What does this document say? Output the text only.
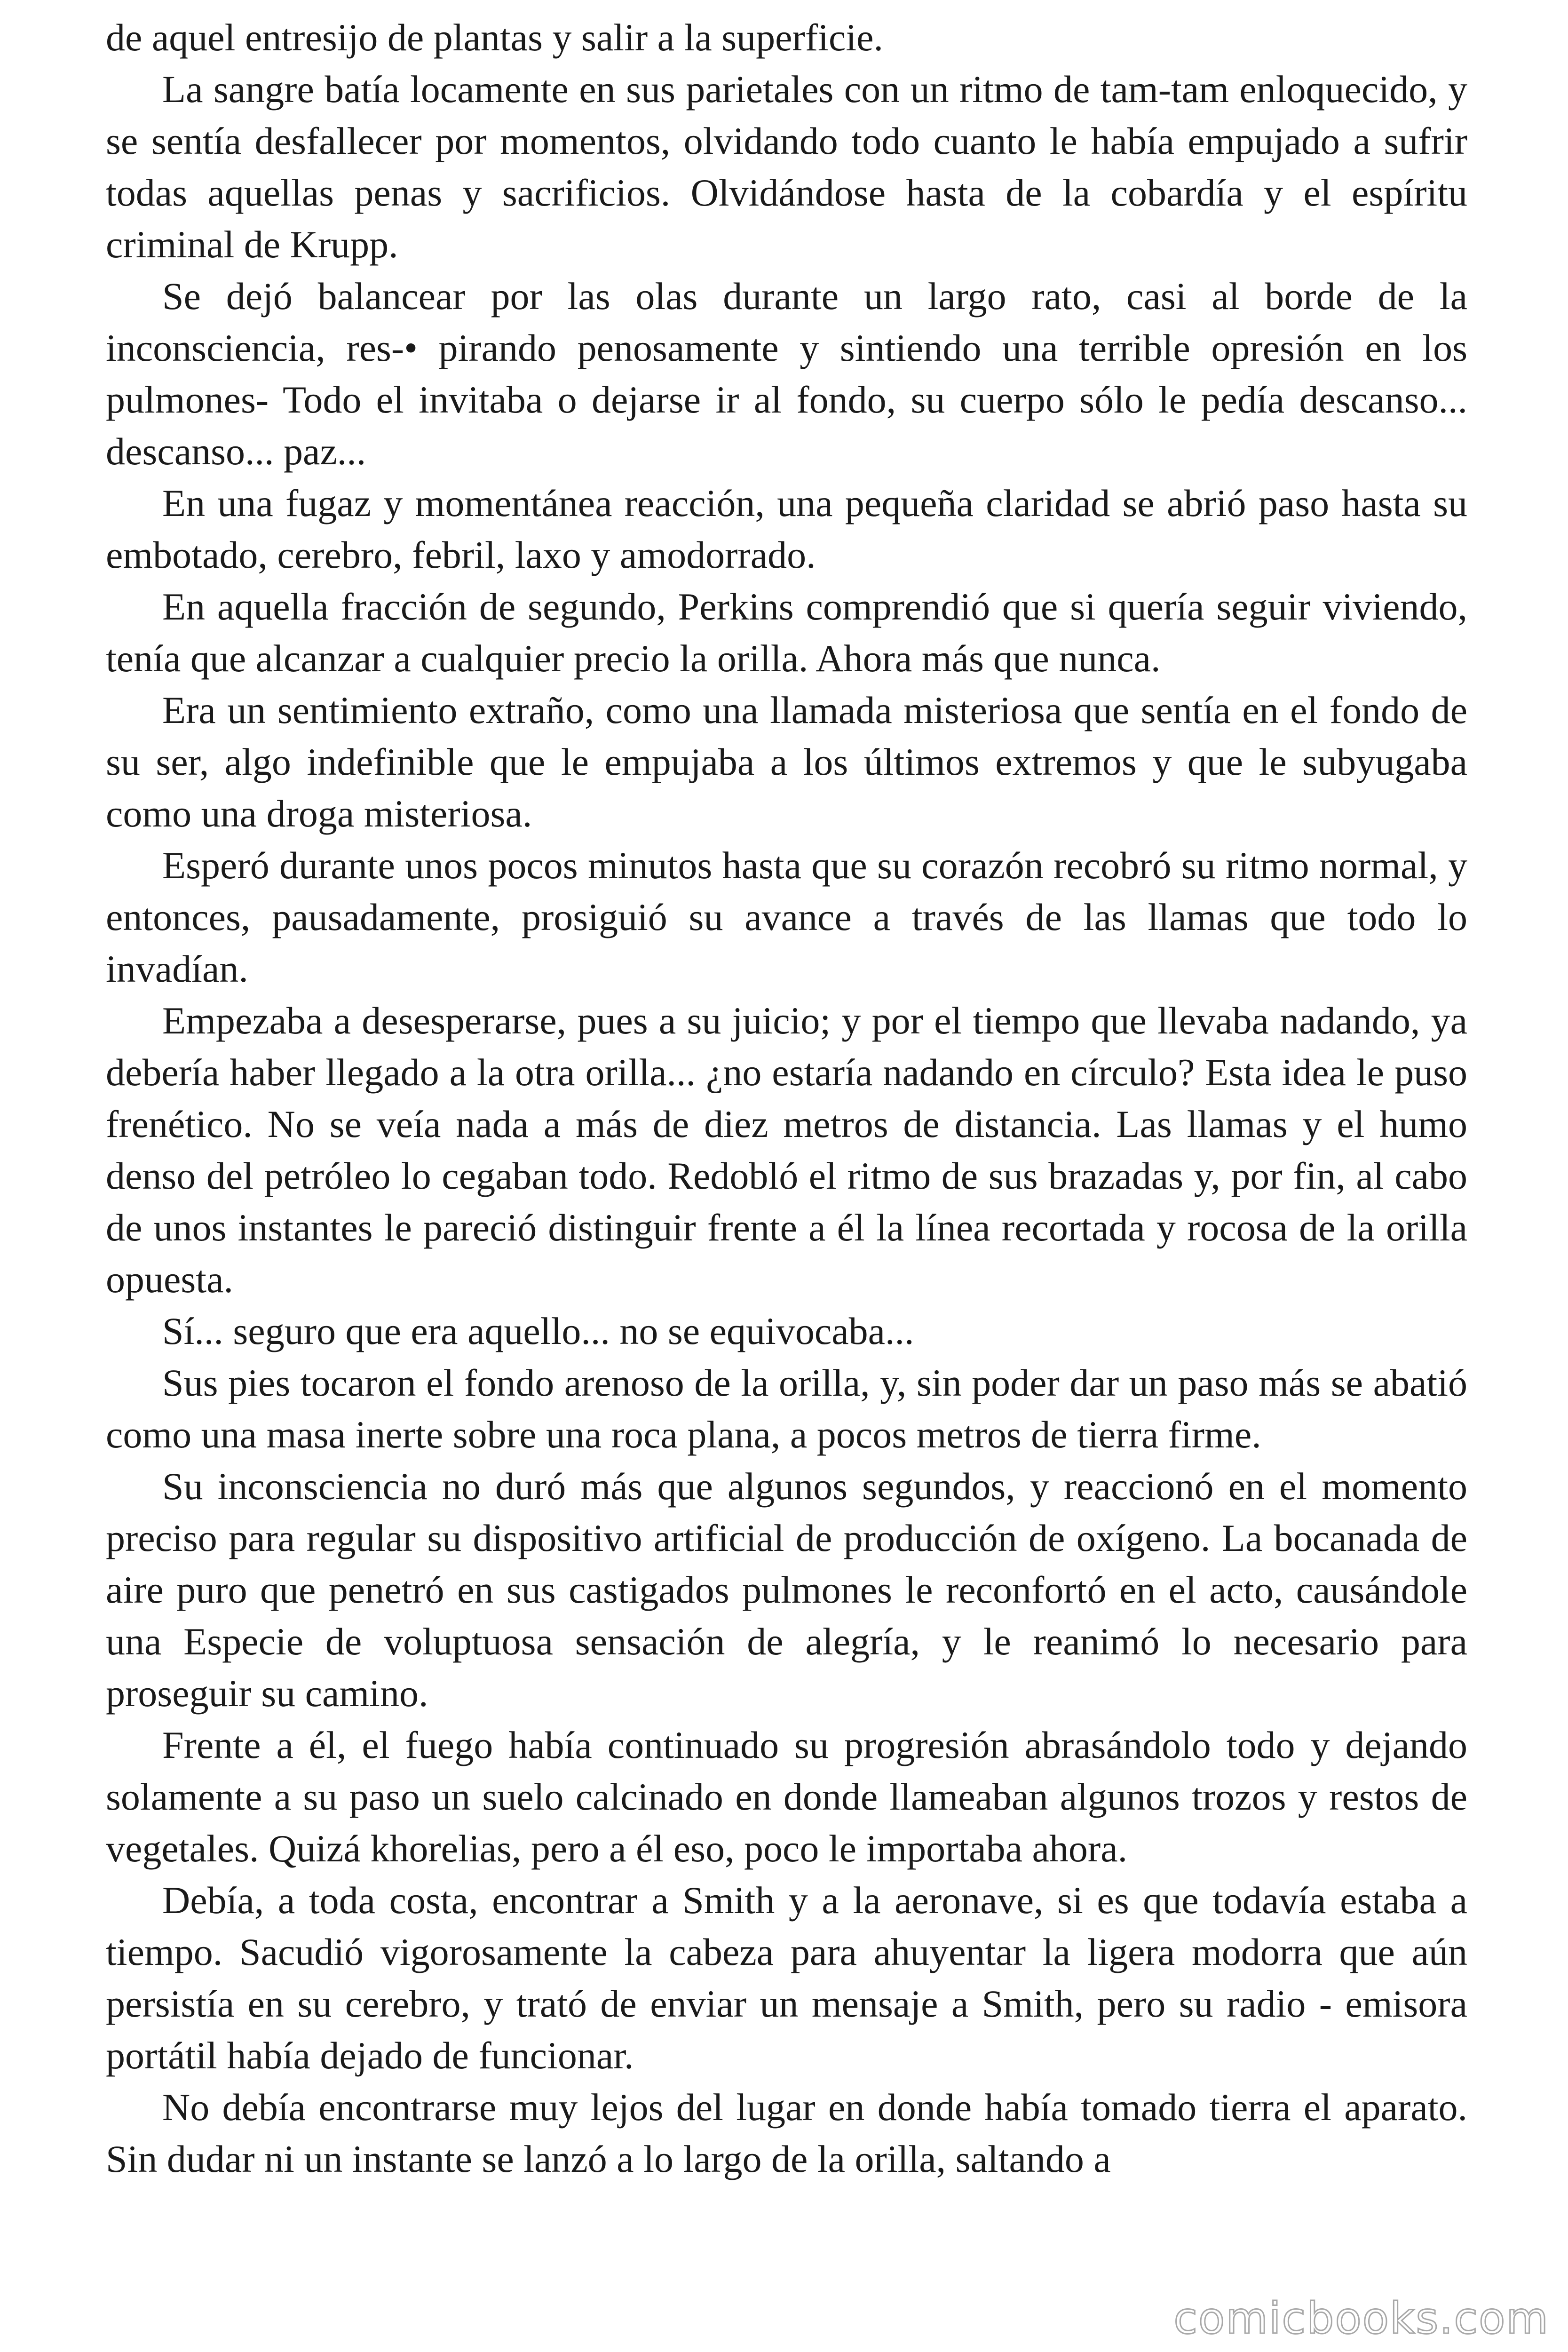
de aquel entresijo de plantas y salir a la superficie.

La sangre batía locamente en sus parietales con un ritmo de tam-tam enloquecido, y se sentía desfallecer por momentos, olvidando todo cuanto le había empujado a sufrir todas aquellas penas y sacrificios. Olvidándose hasta de la cobardía y el espíritu criminal de Krupp.

Se dejó balancear por las olas durante un largo rato, casi al borde de la inconsciencia, res-• pirando penosamente y sintiendo una terrible opresión en los pulmones- Todo el invitaba o dejarse ir al fondo, su cuerpo sólo le pedía descanso... descanso... paz...

En una fugaz y momentánea reacción, una pequeña claridad se abrió paso hasta su embotado, cerebro, febril, laxo y amodorrado.

En aquella fracción de segundo, Perkins comprendió que si quería seguir viviendo, tenía que alcanzar a cualquier precio la orilla. Ahora más que nunca.

Era un sentimiento extraño, como una llamada misteriosa que sentía en el fondo de su ser, algo indefinible que le empujaba a los últimos extremos y que le subyugaba como una droga misteriosa.

Esperó durante unos pocos minutos hasta que su corazón recobró su ritmo normal, y entonces, pausadamente, prosiguió su avance a través de las llamas que todo lo invadían.

Empezaba a desesperarse, pues a su juicio; y por el tiempo que llevaba nadando, ya debería haber llegado a la otra orilla... ¿no estaría nadando en círculo? Esta idea le puso frenético. No se veía nada a más de diez metros de distancia. Las llamas y el humo denso del petróleo lo cegaban todo. Redobló el ritmo de sus brazadas y, por fin, al cabo de unos instantes le pareció distinguir frente a él la línea recortada y rocosa de la orilla opuesta.

Sí... seguro que era aquello... no se equivocaba...

Sus pies tocaron el fondo arenoso de la orilla, y, sin poder dar un paso más se abatió como una masa inerte sobre una roca plana, a pocos metros de tierra firme.

Su inconsciencia no duró más que algunos segundos, y reaccionó en el momento preciso para regular su dispositivo artificial de producción de oxígeno. La bocanada de aire puro que penetró en sus castigados pulmones le reconfortó en el acto, causándole una Especie de voluptuosa sensación de alegría, y le reanimó lo necesario para proseguir su camino.

Frente a él, el fuego había continuado su progresión abrasándolo todo y dejando solamente a su paso un suelo calcinado en donde llameaban algunos trozos y restos de vegetales. Quizá khorelias, pero a él eso, poco le importaba ahora.

Debía, a toda costa, encontrar a Smith y a la aeronave, si es que todavía estaba a tiempo. Sacudió vigorosamente la cabeza para ahuyentar la ligera modorra que aún persistía en su cerebro, y trató de enviar un mensaje a Smith, pero su radio - emisora portátil había dejado de funcionar.

No debía encontrarse muy lejos del lugar en donde había tomado tierra el aparato. Sin dudar ni un instante se lanzó a lo largo de la orilla, saltando a

comicbooks.com
